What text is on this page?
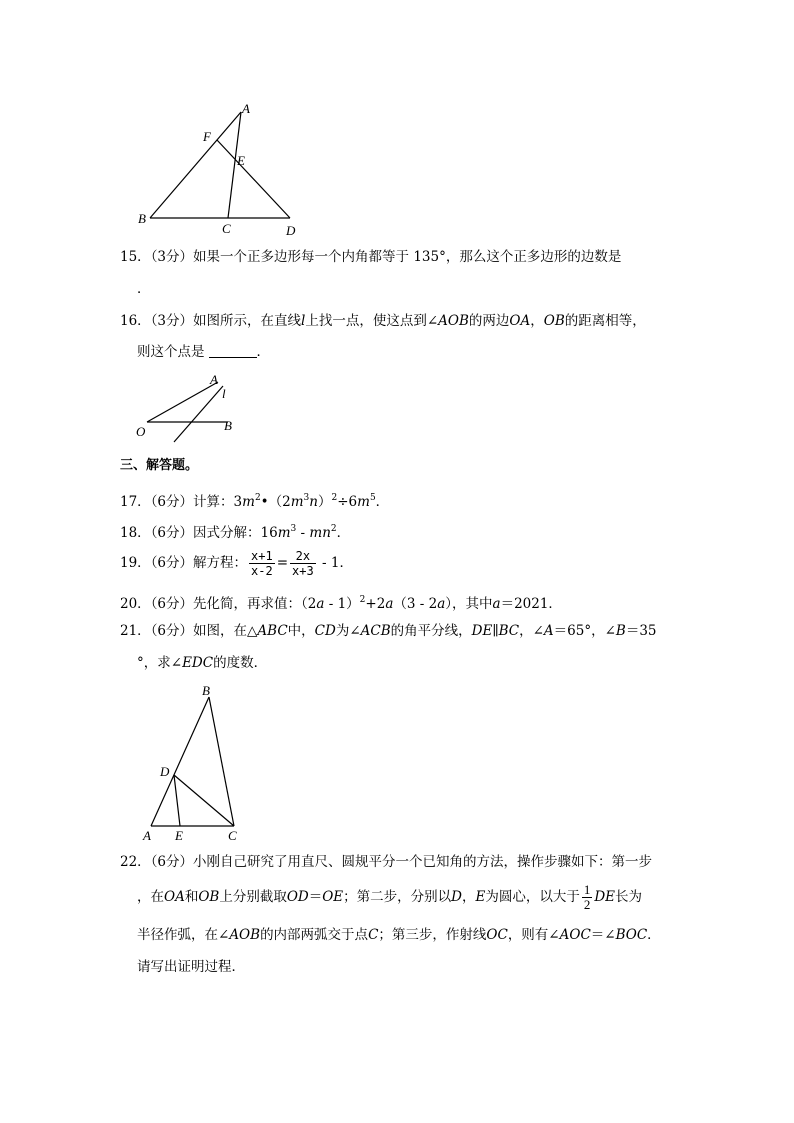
A
F
E
B
C	D
15．（3分）如果一个正多边形每一个内角都等于 135°，那么这个正多边形的边数是
．
16．（3分）如图所示，在直线l上找一点，使这点到∠AOB的两边OA，OB的距离相等，
则这个点是	．
A
l
O	B
三、解答题。
17．（6分）计算：$3m^2•(2m^3n)^2\div 6m^5$．
18．（6分）因式分解：$16m^3 - mn^2$．
19．（6分）解方程： $\frac{x+1}{x-2} = \frac{2x}{x+3} - 1$．
20．（6分）先化简，再求值：（2a - 1）$^2$+2a（3 - 2a），其中a＝2021．
21．（6分）如图，在△ABC中，CD为∠ACB的角平分线，DE∥BC，∠A＝65°，∠B＝35
°，求∠EDC的度数．
B
D
A E	C
22．（6分）小刚自己研究了用直尺、圆规平分一个已知角的方法，操作步骤如下：第一步
，在OA和OB上分别截取OD＝OE；第二步，分别以D，E为圆心，以大于 $\frac{1}{2}$ DE长为
半径作弧，在∠AOB的内部两弧交于点C；第三步，作射线OC，则有∠AOC＝∠BOC．
请写出证明过程．
